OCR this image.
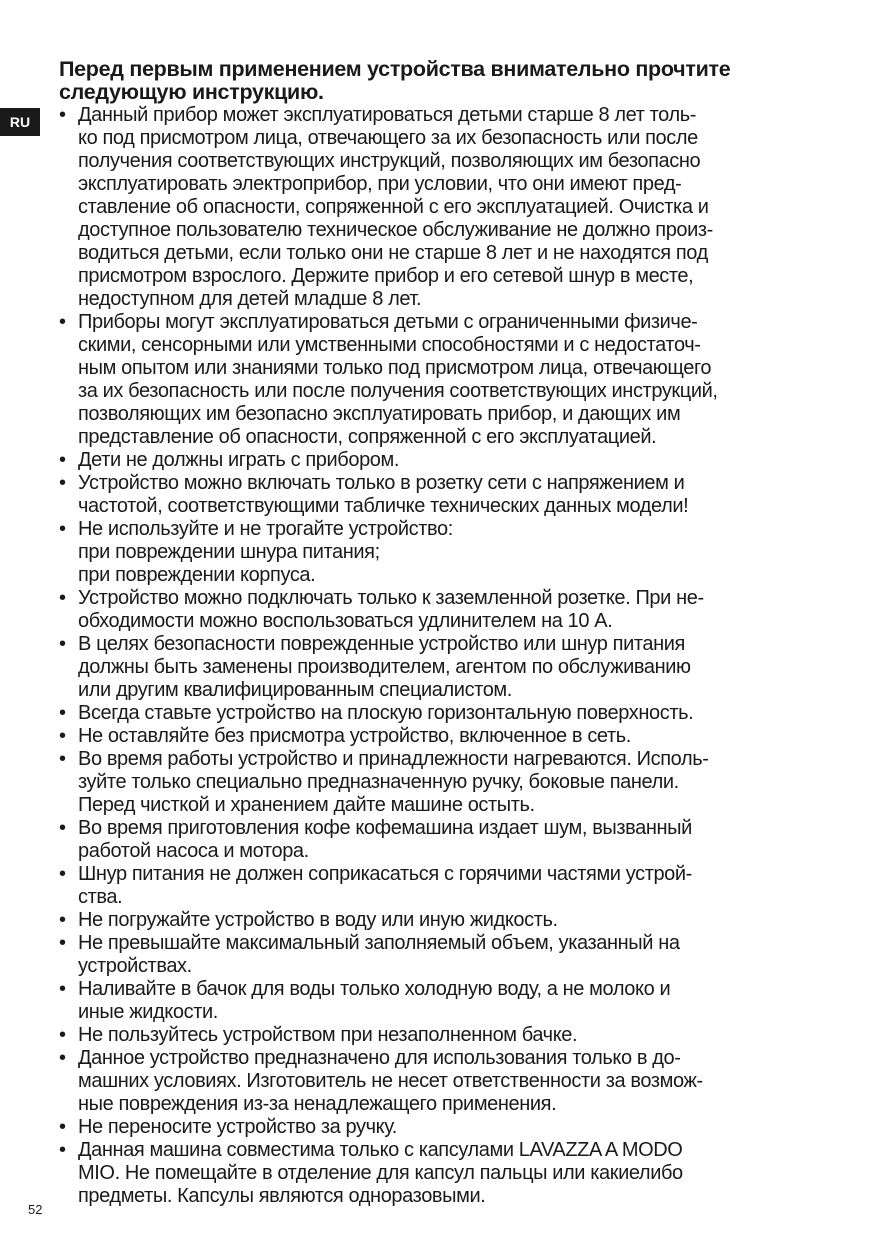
RU
Перед первым применением устройства внимательно прочтите следующую инструкцию.
• Данный прибор может эксплуатироваться детьми старше 8 лет толь-
ко под присмотром лица, отвечающего за их безопасность или после
получения соответствующих инструкций, позволяющих им безопасно
эксплуатировать электроприбор, при условии, что они имеют пред-
ставление об опасности, сопряженной с его эксплуатацией. Очистка и
доступное пользователю техническое обслуживание не должно произ-
водиться детьми, если только они не старше 8 лет и не находятся под
присмотром взрослого. Держите прибор и его сетевой шнур в месте,
недоступном для детей младше 8 лет.
• Приборы могут эксплуатироваться детьми с ограниченными физиче-
скими, сенсорными или умственными способностями и с недостаточ-
ным опытом или знаниями только под присмотром лица, отвечающего
за их безопасность или после получения соответствующих инструкций,
позволяющих им безопасно эксплуатировать прибор, и дающих им
представление об опасности, сопряженной с его эксплуатацией.
• Дети не должны играть с прибором.
• Устройство можно включать только в розетку сети с напряжением и
частотой, соответствующими табличке технических данных модели!
• Не используйте и не трогайте устройство:
при повреждении шнура питания;
при повреждении корпуса.
• Устройство можно подключать только к заземленной розетке. При не-
обходимости можно воспользоваться удлинителем на 10 А.
• В целях безопасности поврежденные устройство или шнур питания
должны быть заменены производителем, агентом по обслуживанию
или другим квалифицированным специалистом.
• Всегда ставьте устройство на плоскую горизонтальную поверхность.
• Не оставляйте без присмотра устройство, включенное в сеть.
• Во время работы устройство и принадлежности нагреваются. Исполь-
зуйте только специально предназначенную ручку, боковые панели.
Перед чисткой и хранением дайте машине остыть.
• Во время приготовления кофе кофемашина издает шум, вызванный
работой насоса и мотора.
• Шнур питания не должен соприкасаться с горячими частями устрой-
ства.
• Не погружайте устройство в воду или иную жидкость.
• Не превышайте максимальный заполняемый объем, указанный на
устройствах.
• Наливайте в бачок для воды только холодную воду, а не молоко и
иные жидкости.
• Не пользуйтесь устройством при незаполненном бачке.
• Данное устройство предназначено для использования только в до-
машних условиях. Изготовитель не несет ответственности за возмож-
ные повреждения из-за ненадлежащего применения.
• Не переносите устройство за ручку.
• Данная машина совместима только с капсулами LAVAZZA A MODO
MIO. Не помещайте в отделение для капсул пальцы или какиелибо
предметы. Капсулы являются одноразовыми.
52
